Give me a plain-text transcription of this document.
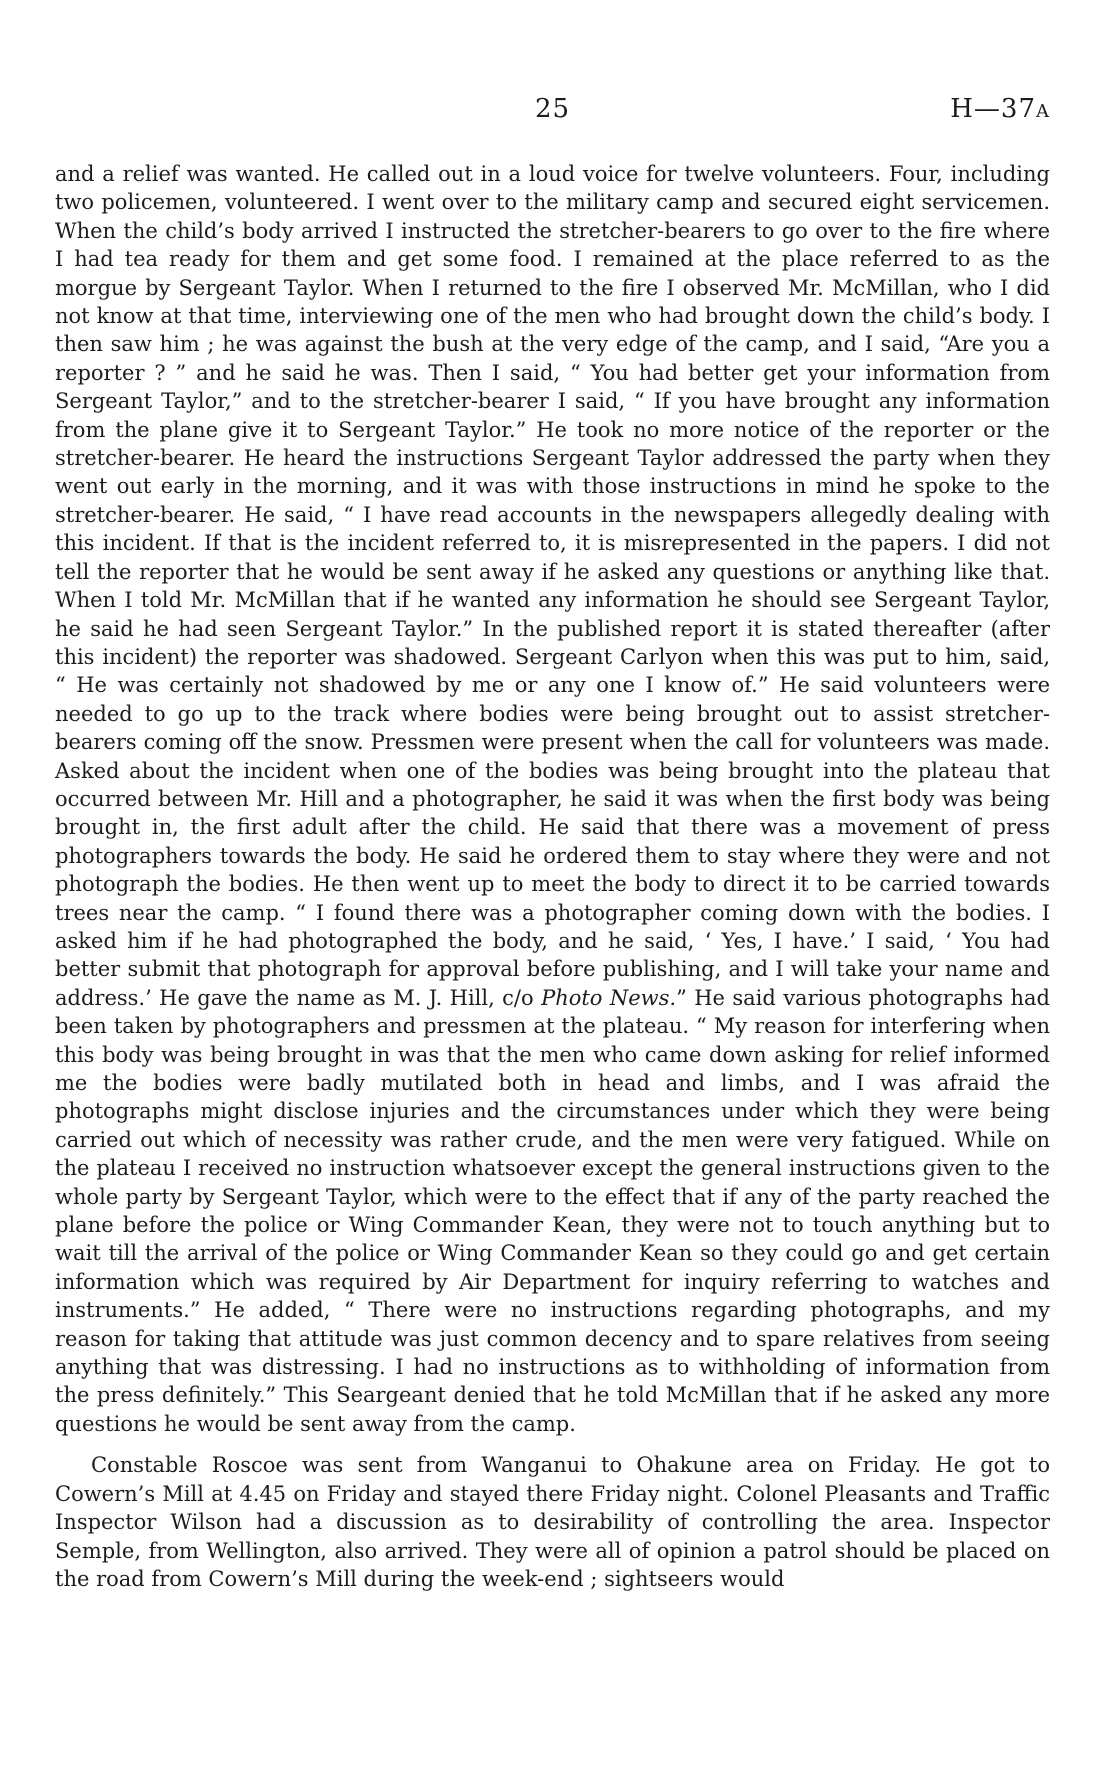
25	H—37A

and a relief was wanted. He called out in a loud voice for twelve volunteers. Four, including two policemen, volunteered. I went over to the military camp and secured eight servicemen. When the child’s body arrived I instructed the stretcher-bearers to go over to the fire where I had tea ready for them and get some food. I remained at the place referred to as the morgue by Sergeant Taylor. When I returned to the fire I observed Mr. McMillan, who I did not know at that time, interviewing one of the men who had brought down the child’s body. I then saw him ; he was against the bush at the very edge of the camp, and I said, “Are you a reporter ? ” and he said he was. Then I said, “ You had better get your information from Sergeant Taylor,” and to the stretcher-bearer I said, “ If you have brought any information from the plane give it to Sergeant Taylor.” He took no more notice of the reporter or the stretcher-bearer. He heard the instructions Sergeant Taylor addressed the party when they went out early in the morning, and it was with those instructions in mind he spoke to the stretcher-bearer. He said, “ I have read accounts in the newspapers allegedly dealing with this incident. If that is the incident referred to, it is misrepresented in the papers. I did not tell the reporter that he would be sent away if he asked any questions or anything like that. When I told Mr. McMillan that if he wanted any information he should see Sergeant Taylor, he said he had seen Sergeant Taylor.” In the published report it is stated thereafter (after this incident) the reporter was shadowed. Sergeant Carlyon when this was put to him, said, “ He was certainly not shadowed by me or any one I know of.” He said volunteers were needed to go up to the track where bodies were being brought out to assist stretcher-bearers coming off the snow. Pressmen were present when the call for volunteers was made. Asked about the incident when one of the bodies was being brought into the plateau that occurred between Mr. Hill and a photographer, he said it was when the first body was being brought in, the first adult after the child. He said that there was a movement of press photographers towards the body. He said he ordered them to stay where they were and not photograph the bodies. He then went up to meet the body to direct it to be carried towards trees near the camp. “ I found there was a photographer coming down with the bodies. I asked him if he had photographed the body, and he said, ‘ Yes, I have.’ I said, ‘ You had better submit that photograph for approval before publishing, and I will take your name and address.’ He gave the name as M. J. Hill, c/o Photo News.” He said various photographs had been taken by photographers and pressmen at the plateau. “ My reason for interfering when this body was being brought in was that the men who came down asking for relief informed me the bodies were badly mutilated both in head and limbs, and I was afraid the photographs might disclose injuries and the circumstances under which they were being carried out which of necessity was rather crude, and the men were very fatigued. While on the plateau I received no instruction whatsoever except the general instructions given to the whole party by Sergeant Taylor, which were to the effect that if any of the party reached the plane before the police or Wing Commander Kean, they were not to touch anything but to wait till the arrival of the police or Wing Commander Kean so they could go and get certain information which was required by Air Department for inquiry referring to watches and instruments.” He added, “ There were no instructions regarding photographs, and my reason for taking that attitude was just common decency and to spare relatives from seeing anything that was distressing. I had no instructions as to withholding of information from the press definitely.” This Seargeant denied that he told McMillan that if he asked any more questions he would be sent away from the camp.

Constable Roscoe was sent from Wanganui to Ohakune area on Friday. He got to Cowern’s Mill at 4.45 on Friday and stayed there Friday night. Colonel Pleasants and Traffic Inspector Wilson had a discussion as to desirability of controlling the area. Inspector Semple, from Wellington, also arrived. They were all of opinion a patrol should be placed on the road from Cowern’s Mill during the week-end ; sightseers would
